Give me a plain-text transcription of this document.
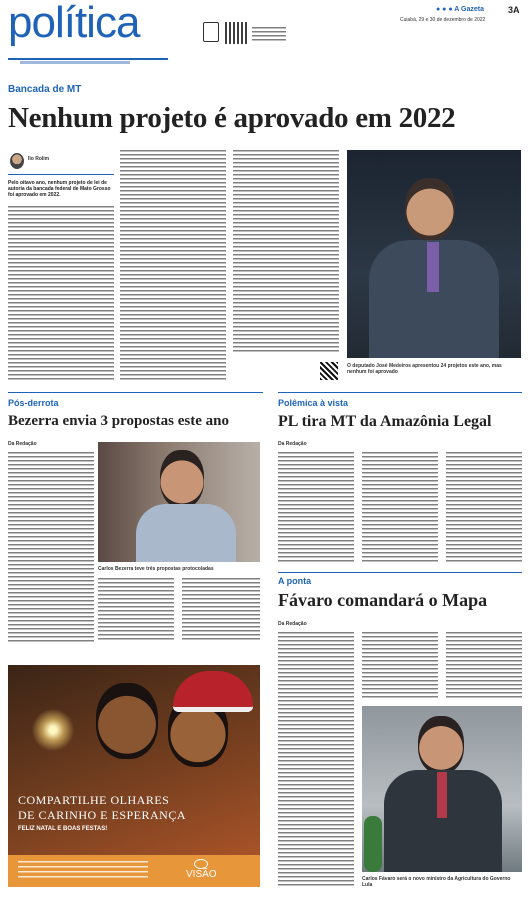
política	● ● ● A Gazeta	3A
Cuiabá, 29 e 30 de dezembro de 2022
Bancada de MT
Nenhum projeto é aprovado em 2022
Ilo Rolim
Pelo oitavo ano, nenhum projeto de lei de autoria da bancada federal de Mato Grosso foi aprovado em 2022.
O deputado José Medeiros apresentou 24 projetos este ano, mas nenhum foi aprovado
Pós-derrota
Bezerra envia 3 propostas este ano
Da Redação
Carlos Bezerra teve três propostas protocoladas
COMPARTILHE OLHARES
DE CARINHO E ESPERANÇA
FELIZ NATAL E BOAS FESTAS!
VISÃO
Polêmica à vista
PL tira MT da Amazônia Legal
Da Redação
A ponta
Fávaro comandará o Mapa
Da Redação
Carlos Fávaro será o novo ministro da Agricultura do Governo Lula
